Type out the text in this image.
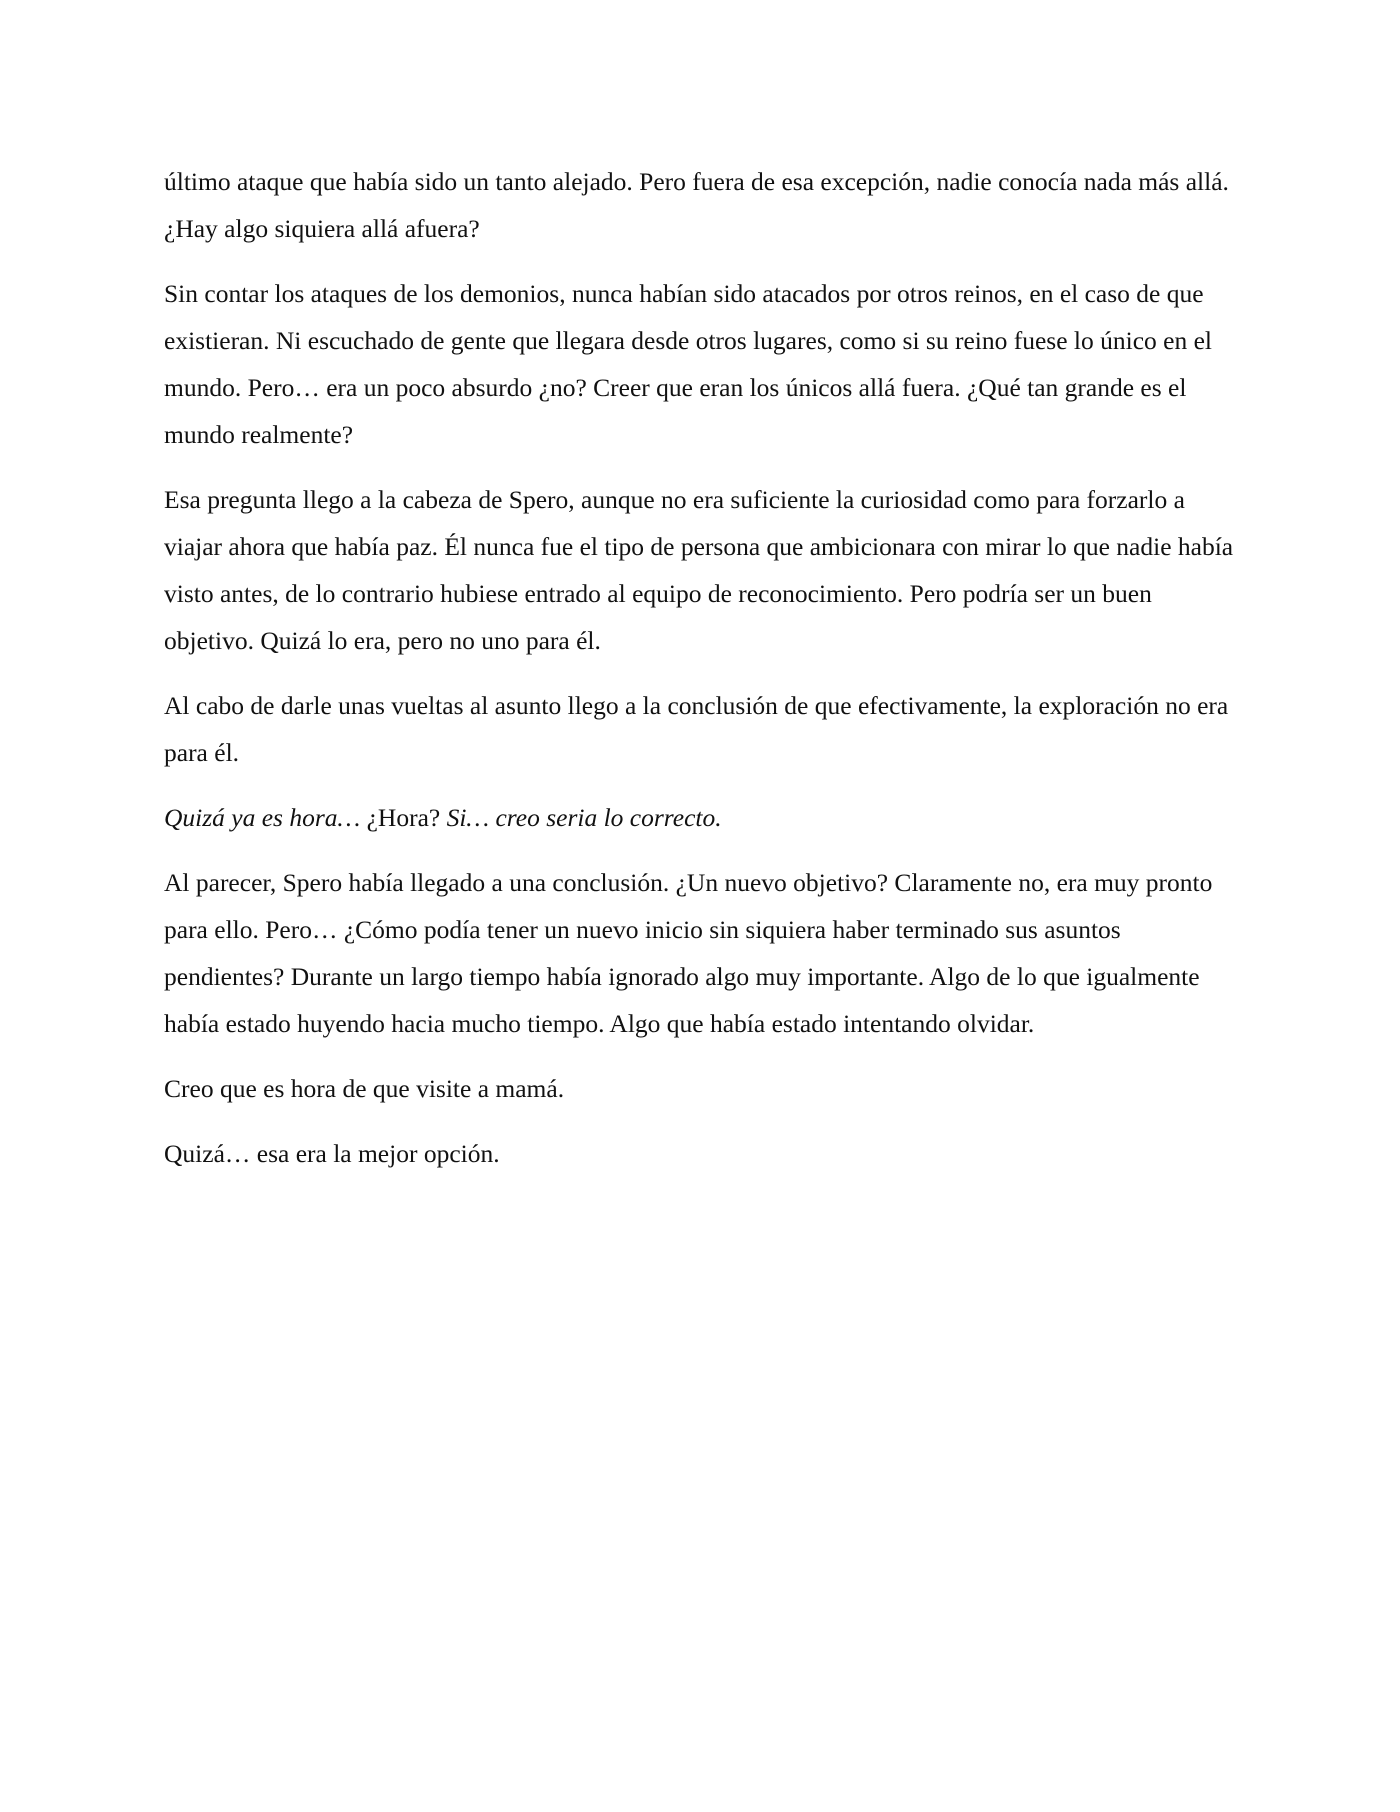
último ataque que había sido un tanto alejado. Pero fuera de esa excepción, nadie conocía nada más allá. ¿Hay algo siquiera allá afuera?

Sin contar los ataques de los demonios, nunca habían sido atacados por otros reinos, en el caso de que existieran. Ni escuchado de gente que llegara desde otros lugares, como si su reino fuese lo único en el mundo. Pero… era un poco absurdo ¿no? Creer que eran los únicos allá fuera. ¿Qué tan grande es el mundo realmente?

Esa pregunta llego a la cabeza de Spero, aunque no era suficiente la curiosidad como para forzarlo a viajar ahora que había paz. Él nunca fue el tipo de persona que ambicionara con mirar lo que nadie había visto antes, de lo contrario hubiese entrado al equipo de reconocimiento. Pero podría ser un buen objetivo. Quizá lo era, pero no uno para él.

Al cabo de darle unas vueltas al asunto llego a la conclusión de que efectivamente, la exploración no era para él.

Quizá ya es hora… ¿Hora? Si… creo seria lo correcto.

Al parecer, Spero había llegado a una conclusión. ¿Un nuevo objetivo? Claramente no, era muy pronto para ello. Pero… ¿Cómo podía tener un nuevo inicio sin siquiera haber terminado sus asuntos pendientes? Durante un largo tiempo había ignorado algo muy importante. Algo de lo que igualmente había estado huyendo hacia mucho tiempo. Algo que había estado intentando olvidar.

Creo que es hora de que visite a mamá.

Quizá… esa era la mejor opción.
